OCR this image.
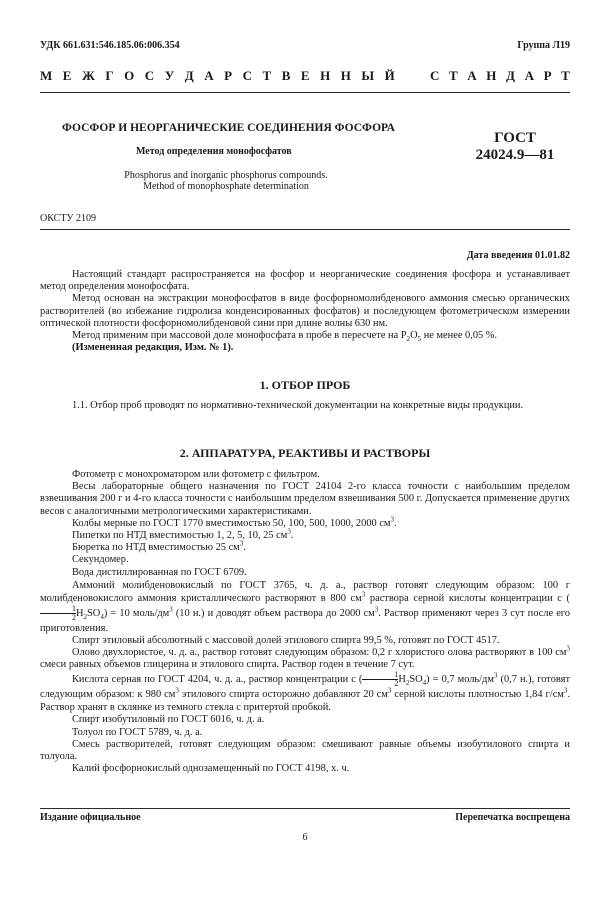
УДК 661.631:546.185.06:006.354	Группа Л19
М Е Ж Г О С У Д А Р С Т В Е Н Н Ы Й	С Т А Н Д А Р Т
ФОСФОР И НЕОРГАНИЧЕСКИЕ СОЕДИНЕНИЯ ФОСФОРА
Метод определения монофосфатов
Phosphorus and inorganic phosphorus compounds.
Method of monophosphate determination
ГОСТ
24024.9—81
ОКСТУ 2109
Дата введения 01.01.82
Настоящий стандарт распространяется на фосфор и неорганические соединения фосфора и устанавливает метод определения монофосфата.
Метод основан на экстракции монофосфатов в виде фосфорномолибденового аммония смесью органических растворителей (во избежание гидролиза конденсированных фосфатов) и последующем фотометрическом измерении оптической плотности фосфорномолибденовой сини при длине волны 630 нм.
Метод применим при массовой доле монофосфата в пробе в пересчете на $P_2O_5$ не менее 0,05 %.
(Измененная редакция, Изм. № 1).
1. ОТБОР ПРОБ
1.1. Отбор проб проводят по нормативно-технической документации на конкретные виды продукции.
2. АППАРАТУРА, РЕАКТИВЫ И РАСТВОРЫ
Фотометр с монохроматором или фотометр с фильтром.
Весы лабораторные общего назначения по ГОСТ 24104 2-го класса точности с наибольшим пределом взвешивания 200 г и 4-го класса точности с наибольшим пределом взвешивания 500 г. Допускается применение других весов с аналогичными метрологическими характеристиками.
Колбы мерные по ГОСТ 1770 вместимостью 50, 100, 500, 1000, 2000 $см^3$.
Пипетки по НТД вместимостью 1, 2, 5, 10, 25 $см^3$.
Бюретка по НТД вместимостью 25 $см^3$.
Секундомер.
Вода дистиллированная по ГОСТ 6709.
Аммоний молибденовокислый по ГОСТ 3765, ч. д. а., раствор готовят следующим образом: 100 г молибденовокислого аммония кристаллического растворяют в 800 $см^3$ раствора серной кислоты концентрации c (
$\frac{1}{2} H_2SO_4) = 10$ моль/$дм^3$ (10 н.) и доводят объем раствора до 2000 $см^3$. Раствор применяют через 3 сут после его приготовления.
Спирт этиловый абсолютный с массовой долей этилового спирта 99,5 %, готовят по ГОСТ 4517.
Олово двухлористое, ч. д. а., раствор готовят следующим образом: 0,2 г хлористого олова растворяют в 100 $см^3$ смеси равных объемов глицерина и этилового спирта. Раствор годен в течение 7 сут.
Кислота серная по ГОСТ 4204, ч. д. а., раствор концентрации c ( $\frac{1}{2} H_2SO_4) = 0,7$ моль/$дм^3$ (0,7 н.), готовят следующим образом: к 980 $см^3$ этилового спирта осторожно добавляют 20 $см^3$ серной кислоты плотностью 1,84 $г/см^3$. Раствор хранят в склянке из темного стекла с притертой пробкой.
Спирт изобутиловый по ГОСТ 6016, ч. д. а.
Толуол по ГОСТ 5789, ч. д. а.
Смесь растворителей, готовят следующим образом: смешивают равные объемы изобутилового спирта и толуола.
Калий фосфорнокислый однозамещенный по ГОСТ 4198, х. ч.
Издание официальное	Перепечатка воспрещена
6
